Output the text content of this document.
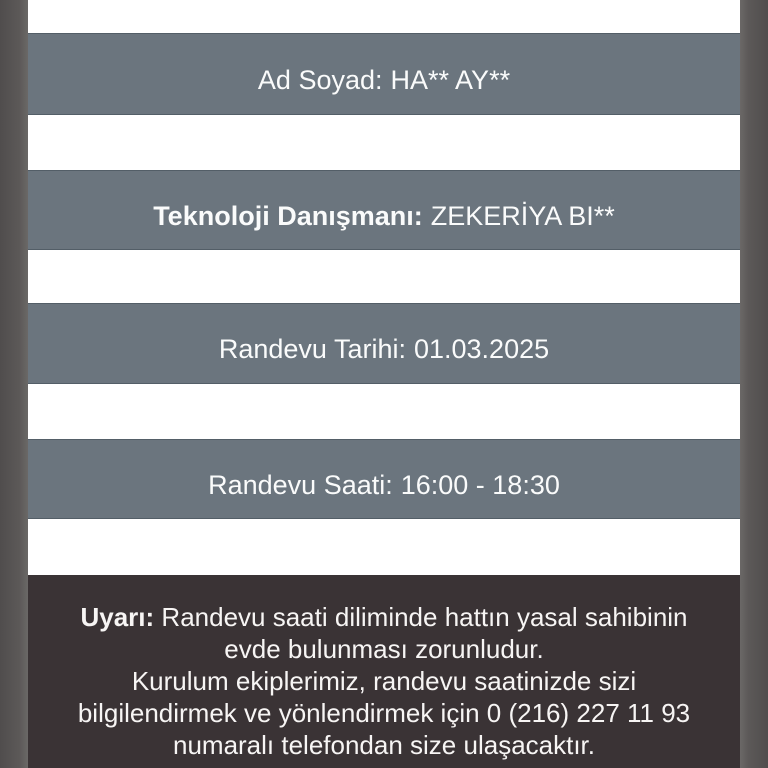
Ad Soyad: HA** AY**
Teknoloji Danışmanı: ZEKERİYA BI**
Randevu Tarihi: 01.03.2025
Randevu Saati: 16:00 - 18:30
Uyarı: Randevu saati diliminde hattın yasal sahibinin
evde bulunması zorunludur.
Kurulum ekiplerimiz, randevu saatinizde sizi
bilgilendirmek ve yönlendirmek için 0 (216) 227 11 93
numaralı telefondan size ulaşacaktır.
